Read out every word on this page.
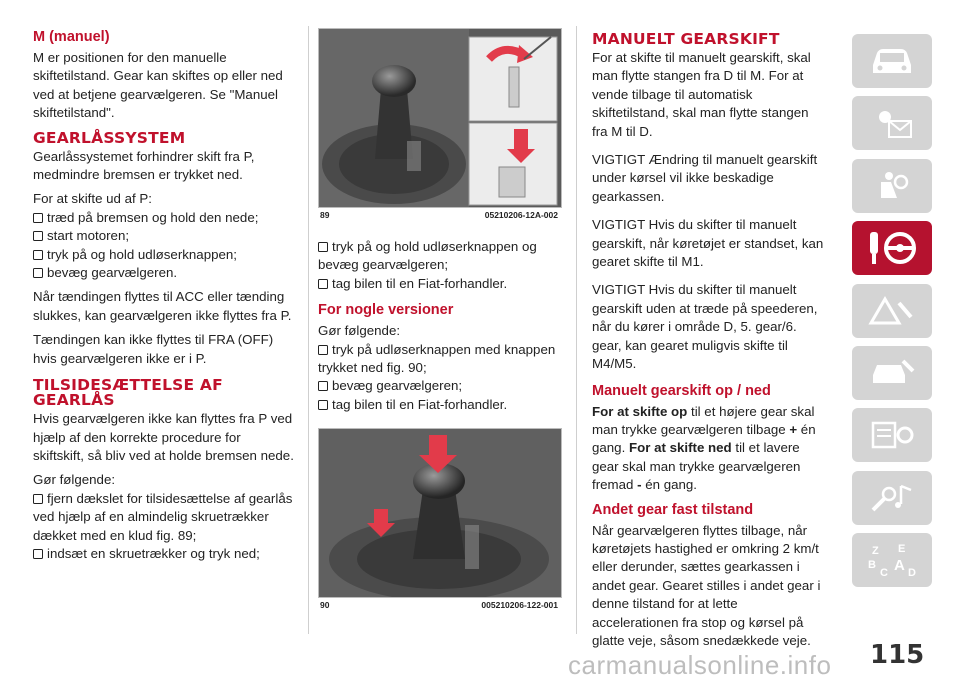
M (manuel)

M er positionen for den manuelle skiftetilstand. Gear kan skiftes op eller ned ved at betjene gearvælgeren. Se "Manuel skiftetilstand".

GEARLÅSSYSTEM

Gearlåssystemet forhindrer skift fra P, medmindre bremsen er trykket ned.

For at skifte ud af P:
træd på bremsen og hold den nede;
start motoren;
tryk på og hold udløserknappen;
bevæg gearvælgeren.

Når tændingen flyttes til ACC eller tænding slukkes, kan gearvælgeren ikke flyttes fra P.

Tændingen kan ikke flyttes til FRA (OFF) hvis gearvælgeren ikke er i P.

TILSIDESÆTTELSE AF GEARLÅS

Hvis gearvælgeren ikke kan flyttes fra P ved hjælp af den korrekte procedure for skiftskift, så bliv ved at holde bremsen nede.

Gør følgende:
fjern dækslet for tilsidesættelse af gearlås ved hjælp af en almindelig skruetrækker dækket med en klud fig. 89;
indsæt en skruetrækker og tryk ned;
89	05210206-12A-002
tryk på og hold udløserknappen og bevæg gearvælgeren;
tag bilen til en Fiat-forhandler.
For nogle versioner
Gør følgende:
tryk på udløserknappen med knappen trykket ned fig. 90;
bevæg gearvælgeren;
tag bilen til en Fiat-forhandler.
90	005210206-122-001
MANUELT GEARSKIFT

For at skifte til manuelt gearskift, skal man flytte stangen fra D til M. For at vende tilbage til automatisk skiftetilstand, skal man flytte stangen fra M til D.

VIGTIGT Ændring til manuelt gearskift under kørsel vil ikke beskadige gearkassen.

VIGTIGT Hvis du skifter til manuelt gearskift, når køretøjet er standset, kan gearet skifte til M1.

VIGTIGT Hvis du skifter til manuelt gearskift uden at træde på speederen, når du kører i område D, 5. gear/6. gear, kan gearet muligvis skifte til M4/M5.

Manuelt gearskift op / ned

For at skifte op til et højere gear skal man trykke gearvælgeren tilbage + én gang. For at skifte ned til et lavere gear skal man trykke gearvælgeren fremad - én gang.

Andet gear fast tilstand

Når gearvælgeren flyttes tilbage, når køretøjets hastighed er omkring 2 km/t eller derunder, sættes gearkassen i andet gear. Gearet stilles i andet gear i denne tilstand for at lette accelerationen fra stop og kørsel på glatte veje, såsom snedækkede veje.

Z E
B A
C D
115
carmanualsonline.info
